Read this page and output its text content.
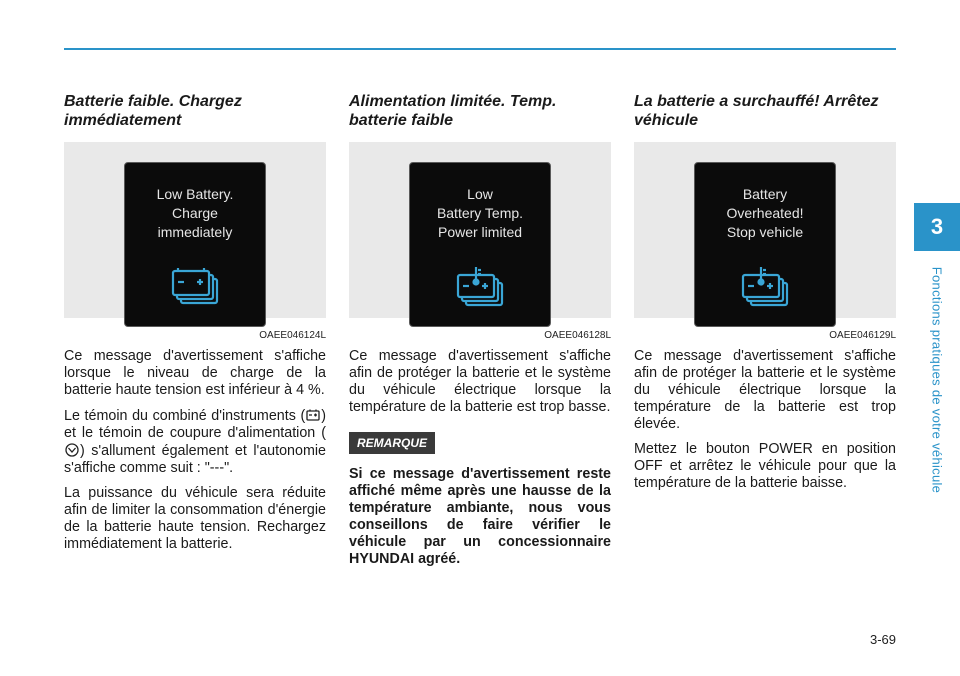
Batterie faible. Chargez immédiatement
Low Battery.
Charge
immediately
OAEE046124L

Ce message d'avertissement s'affiche lorsque le niveau de charge de la batterie haute tension est inférieur à 4 %.

Le témoin du combiné d'instruments ( ) et le témoin de coupure d'alimentation () s'allument également et l'autonomie s'affiche comme suit : "---".

La puissance du véhicule sera réduite afin de limiter la consommation d'énergie de la batterie haute tension. Rechargez immédiatement la batterie.

Alimentation limitée. Temp. batterie faible
Low
Battery Temp.
Power limited
OAEE046128L

Ce message d'avertissement s'affiche afin de protéger la batterie et le système du véhicule électrique lorsque la température de la batterie est trop basse.

REMARQUE
Si ce message d'avertissement reste affiché même après une hausse de la température ambiante, nous vous conseillons de faire vérifier le véhicule par un concessionnaire HYUNDAI agréé.
La batterie a surchauffé! Arrêtez véhicule
Battery
Overheated!
Stop vehicle
OAEE046129L

Ce message d'avertissement s'affiche afin de protéger la batterie et le système du véhicule électrique lorsque la température de la batterie est trop élevée.

Mettez le bouton POWER en position OFF et arrêtez le véhicule pour que la température de la batterie baisse.

3
Fonctions pratiques de votre véhicule
3-69
